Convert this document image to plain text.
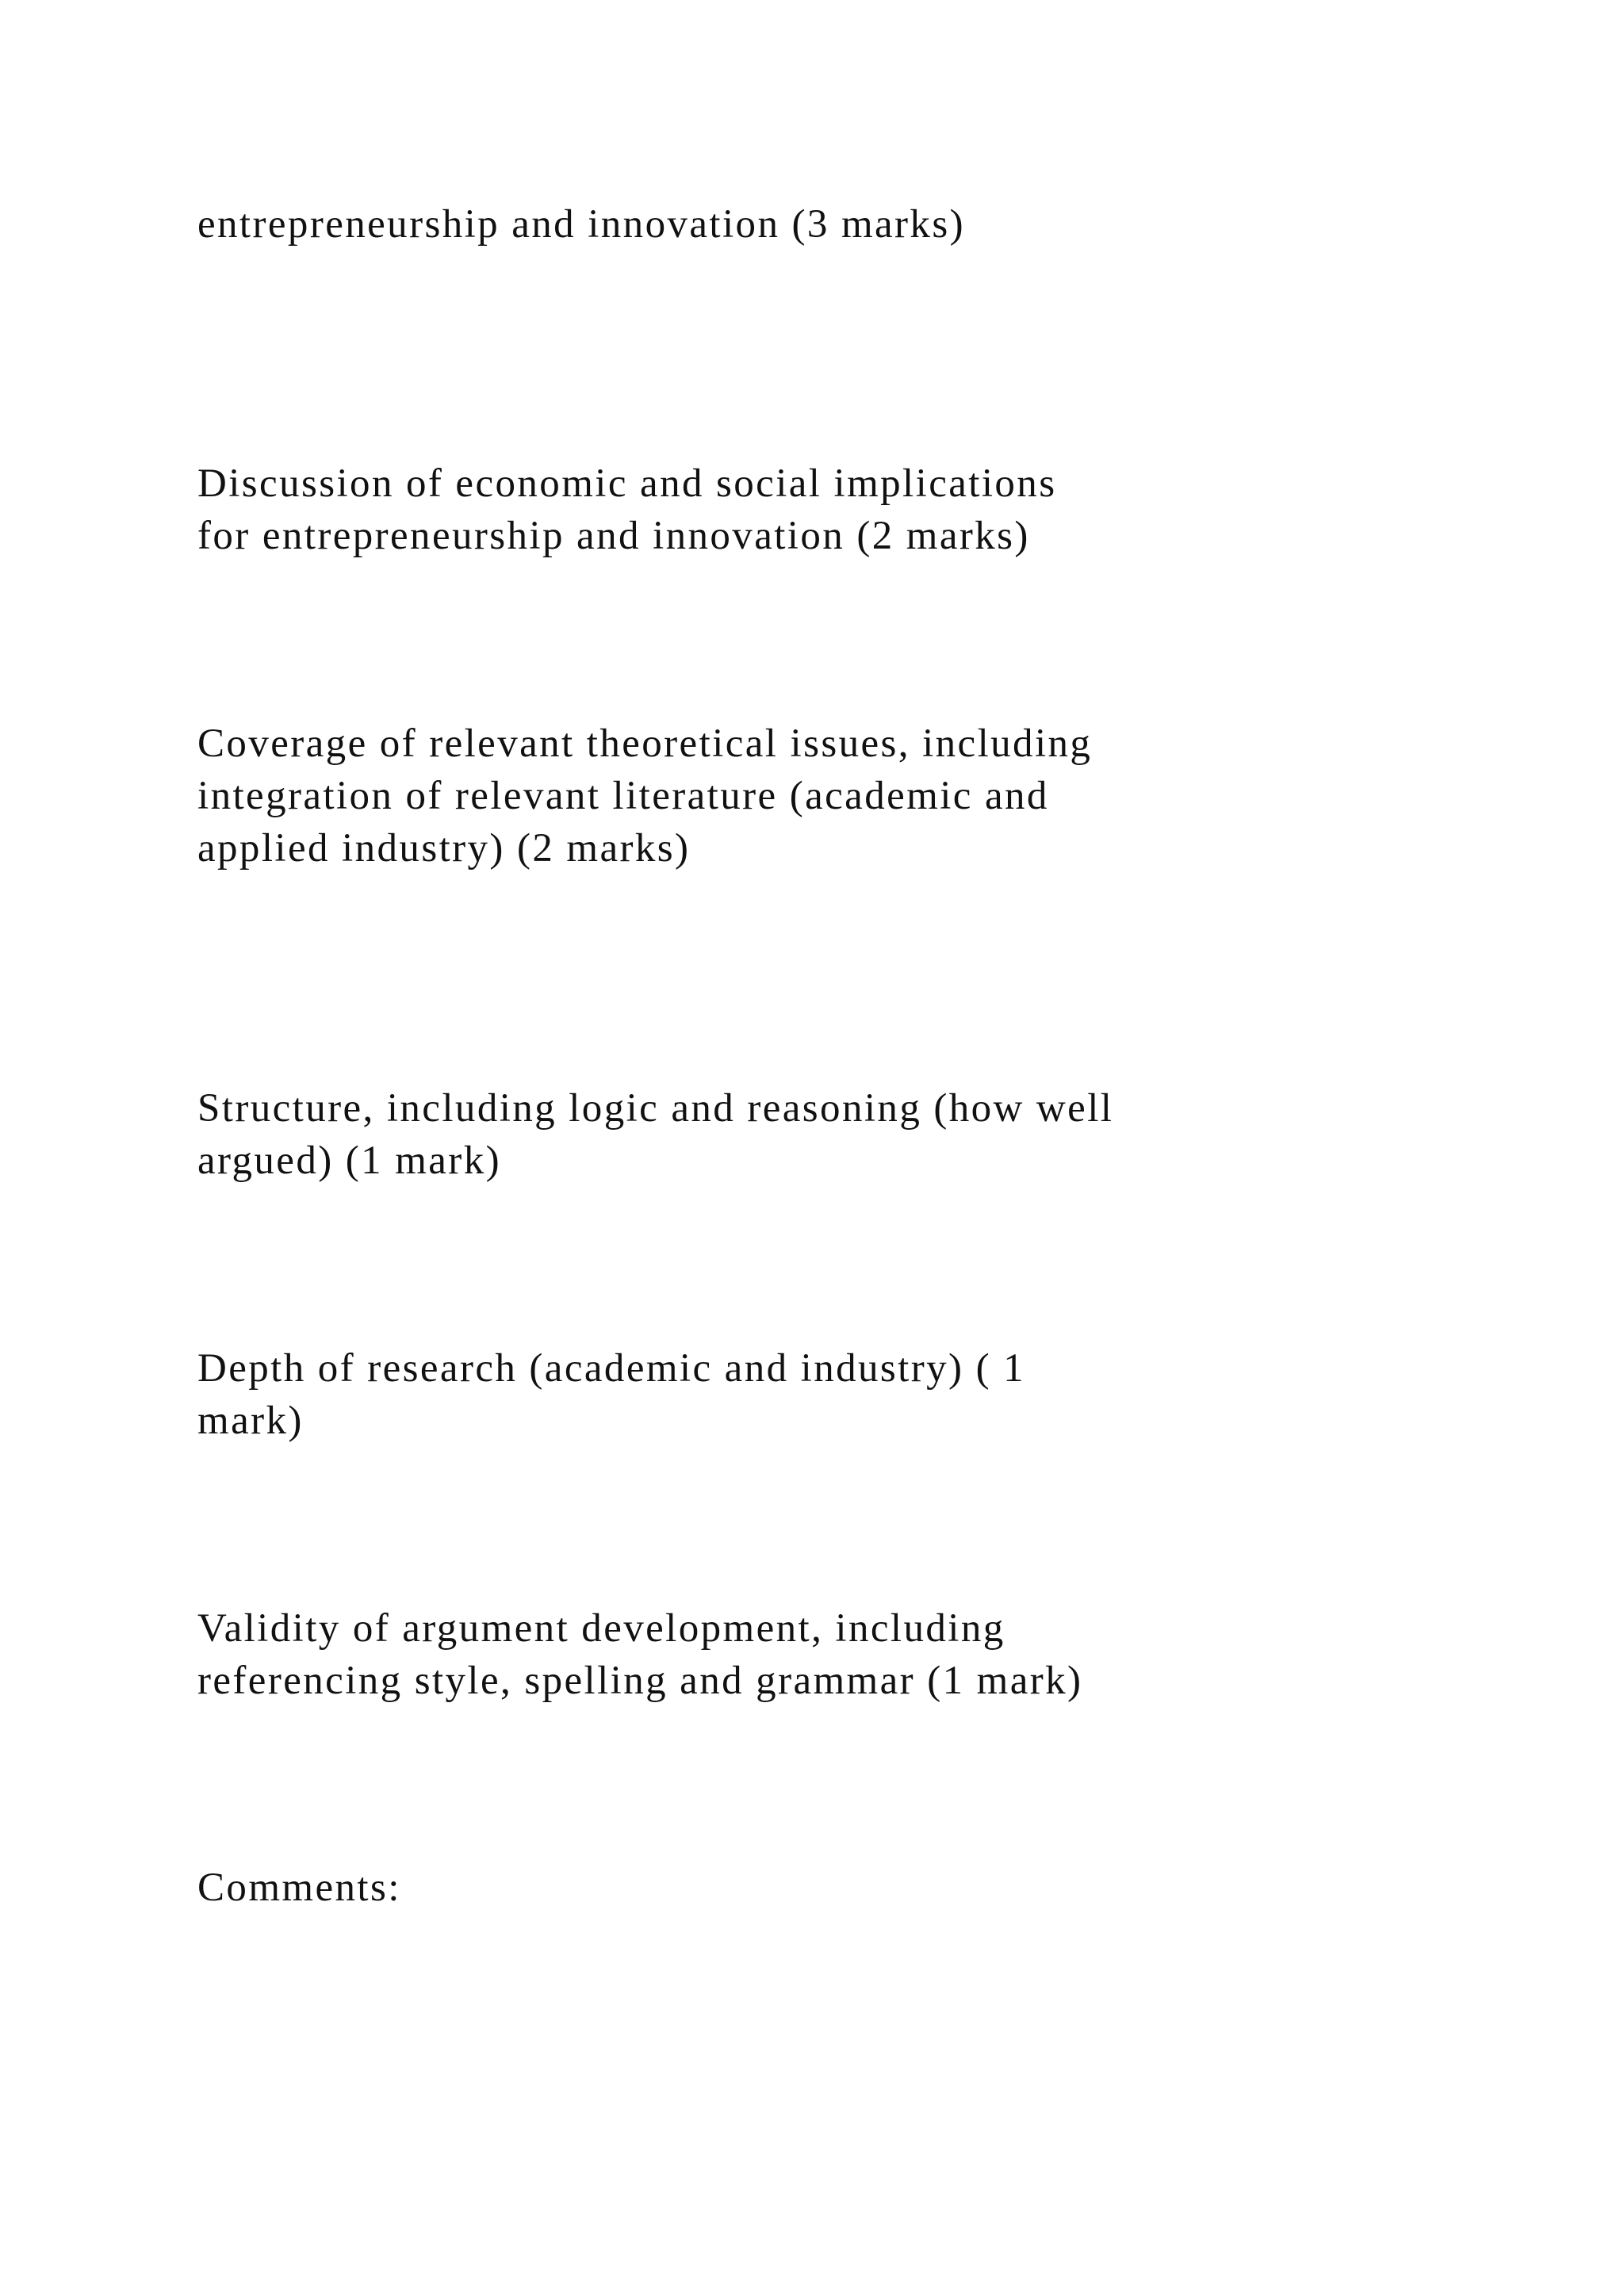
entrepreneurship and innovation (3 marks)

Discussion of economic and social implications
for entrepreneurship and innovation (2 marks)

Coverage of relevant theoretical issues, including
integration of relevant literature (academic and
applied industry) (2 marks)

Structure, including logic and reasoning (how well
argued) (1 mark)

Depth of research (academic and industry) ( 1
mark)

Validity of argument development, including
referencing style, spelling and grammar (1 mark)

Comments:
